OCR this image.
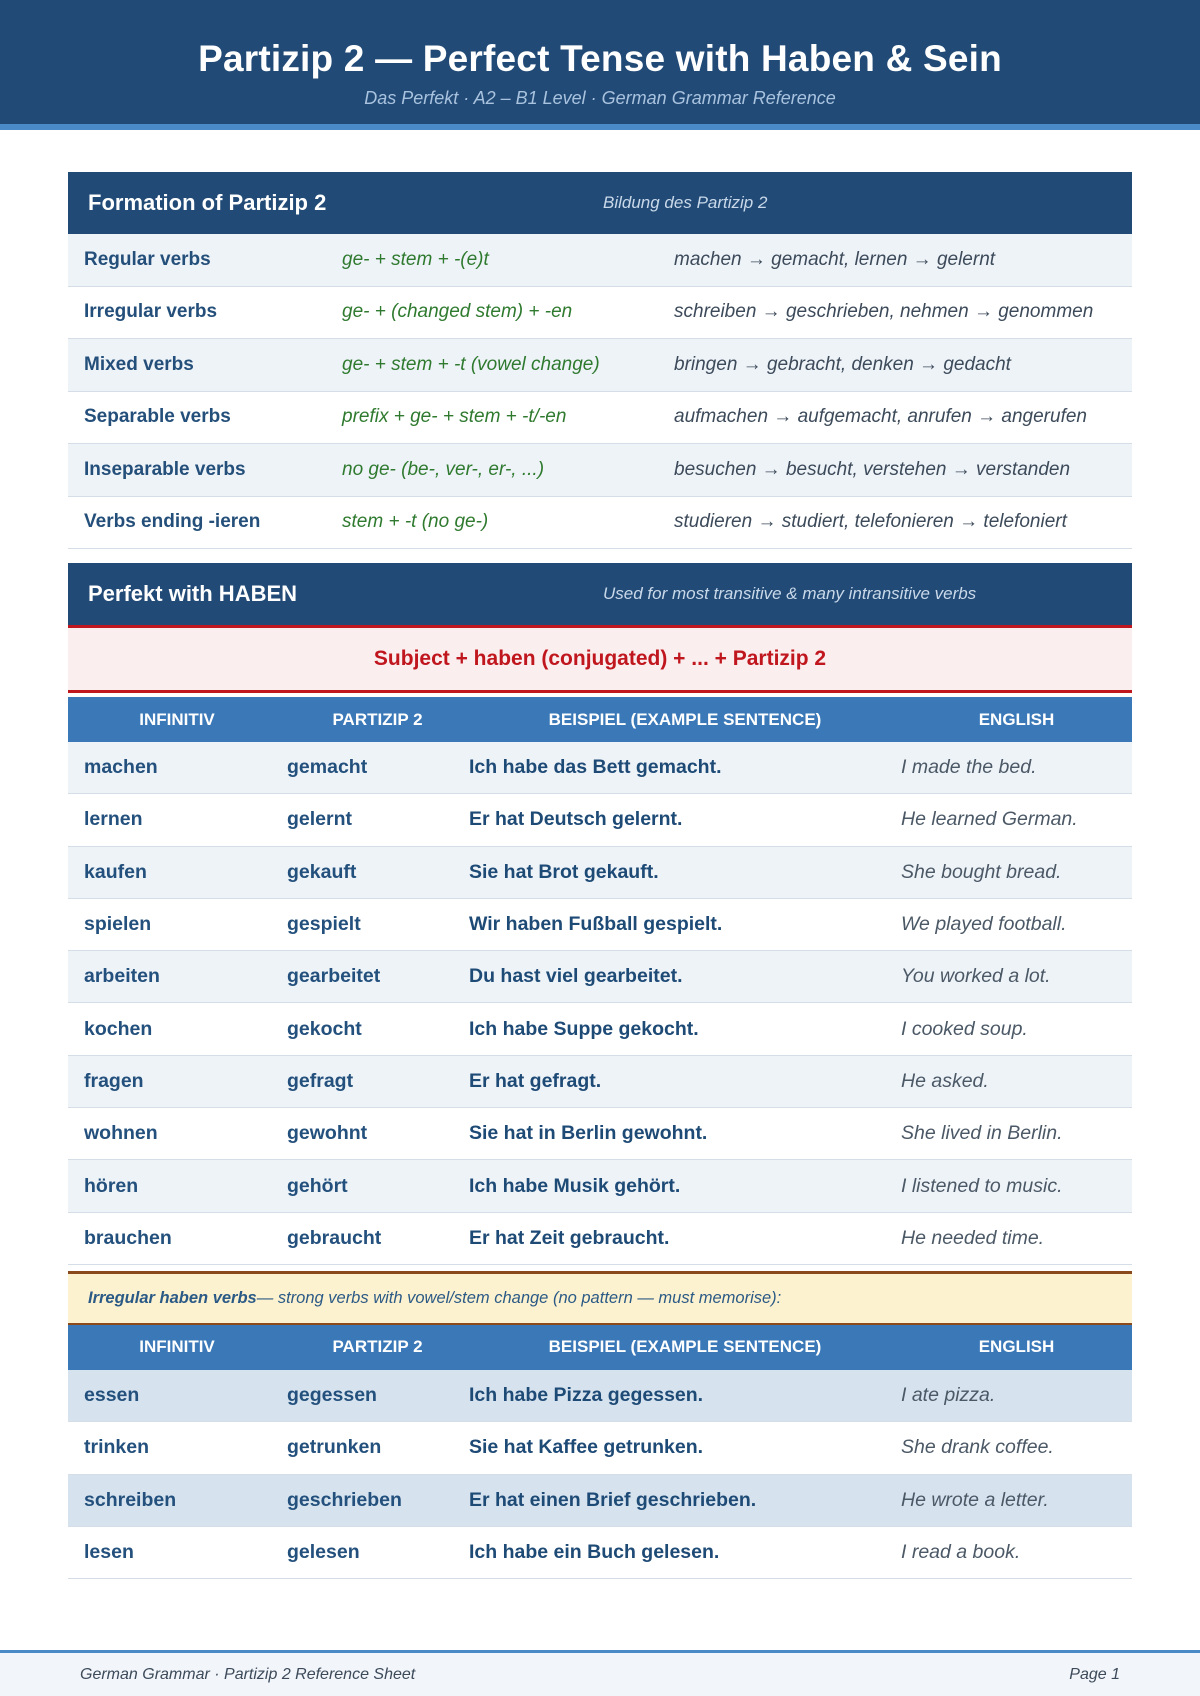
Partizip 2 — Perfect Tense with Haben & Sein
Das Perfekt · A2 – B1 Level · German Grammar Reference
Formation of Partizip 2	Bildung des Partizip 2
Regular verbs	ge- + stem + -(e)t	machen → gemacht, lernen → gelernt
Irregular verbs	ge- + (changed stem) + -en	schreiben → geschrieben, nehmen → genommen
Mixed verbs	ge- + stem + -t (vowel change)	bringen → gebracht, denken → gedacht
Separable verbs	prefix + ge- + stem + -t/-en	aufmachen → aufgemacht, anrufen → angerufen
Inseparable verbs	no ge- (be-, ver-, er-, ...)	besuchen → besucht, verstehen → verstanden
Verbs ending -ieren	stem + -t (no ge-)	studieren → studiert, telefonieren → telefoniert
Perfekt with HABEN	Used for most transitive & many intransitive verbs
Subject + haben (conjugated) + ... + Partizip 2
INFINITIV	PARTIZIP 2	BEISPIEL (EXAMPLE SENTENCE)	ENGLISH
machen	gemacht	Ich habe das Bett gemacht.	I made the bed.
lernen	gelernt	Er hat Deutsch gelernt.	He learned German.
kaufen	gekauft	Sie hat Brot gekauft.	She bought bread.
spielen	gespielt	Wir haben Fußball gespielt.	We played football.
arbeiten	gearbeitet	Du hast viel gearbeitet.	You worked a lot.
kochen	gekocht	Ich habe Suppe gekocht.	I cooked soup.
fragen	gefragt	Er hat gefragt.	He asked.
wohnen	gewohnt	Sie hat in Berlin gewohnt.	She lived in Berlin.
hören	gehört	Ich habe Musik gehört.	I listened to music.
brauchen	gebraucht	Er hat Zeit gebraucht.	He needed time.
Irregular haben verbs — strong verbs with vowel/stem change (no pattern — must memorise):
INFINITIV	PARTIZIP 2	BEISPIEL (EXAMPLE SENTENCE)	ENGLISH
essen	gegessen	Ich habe Pizza gegessen.	I ate pizza.
trinken	getrunken	Sie hat Kaffee getrunken.	She drank coffee.
schreiben	geschrieben	Er hat einen Brief geschrieben.	He wrote a letter.
lesen	gelesen	Ich habe ein Buch gelesen.	I read a book.
German Grammar · Partizip 2 Reference Sheet	Page 1
